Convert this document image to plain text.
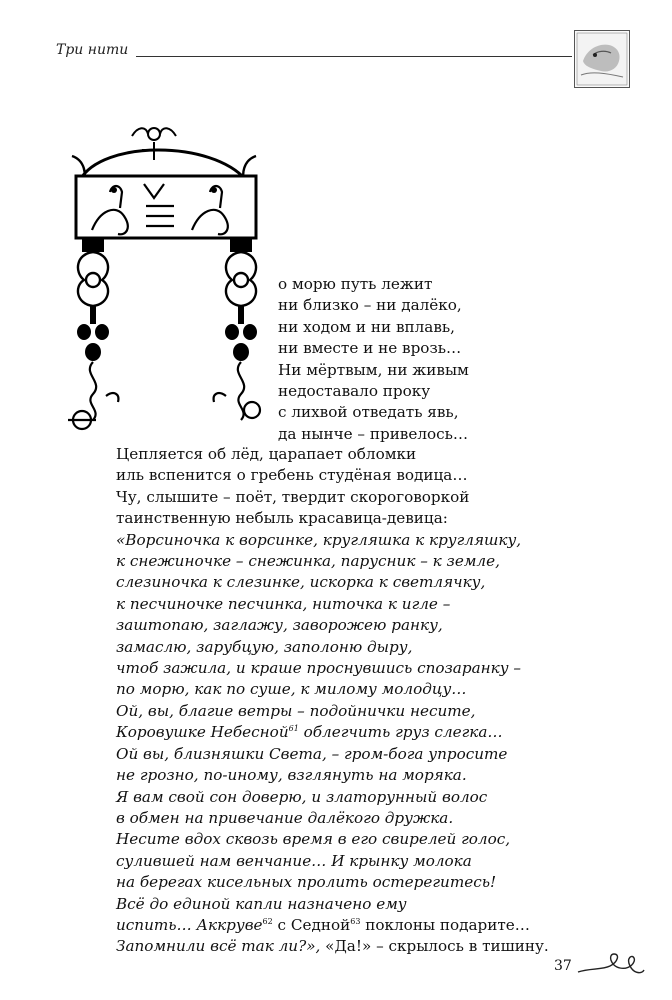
Три нити
о морю путь лежит
ни близко – ни далёко,
ни ходом и ни вплавь,
ни вместе и не врозь…
Ни мёртвым, ни живым
недоставало проку
с лихвой отведать явь,
да нынче – привелось…
Цепляется об лёд, царапает обломки
иль вспенится о гребень студёная водица…
Чу, слышите – поёт, твердит скороговоркой
таинственную небыль красавица-девица:
«Ворсиночка к ворсинке, кругляшка к кругляшку,
к снежиночке – снежинка, парусник – к земле,
слезиночка к слезинке, искорка к светлячку,
к песчиночке песчинка, ниточка к игле –
заштопаю, заглажу, заворожею ранку,
замаслю, зарубцую, заполоню дыру,
чтоб зажила, и краше проснувшись спозаранку –
по морю, как по суше, к милому молодцу…
Ой, вы, благие ветры – подойнички несите,
Коровушке Небесной$^{61}$ облегчить груз слегка…
Ой вы, близняшки Света, – гром-бога упросите
не грозно, по-иному, взглянуть на моряка.
Я вам свой сон доверю, и златорунный волос
в обмен на привечание далёкого дружка.
Несите вдох сквозь время в его свирелей голос,
сулившей нам венчание… И крынку молока
на берегах кисельных пролить остерегитесь!
Всё до единой капли назначено ему
испить… Аккруве$^{62}$ с Седной$^{63}$ поклоны подарите…
Запомнили всё так ли?», «Да!» – скрылось в тишину.
37
